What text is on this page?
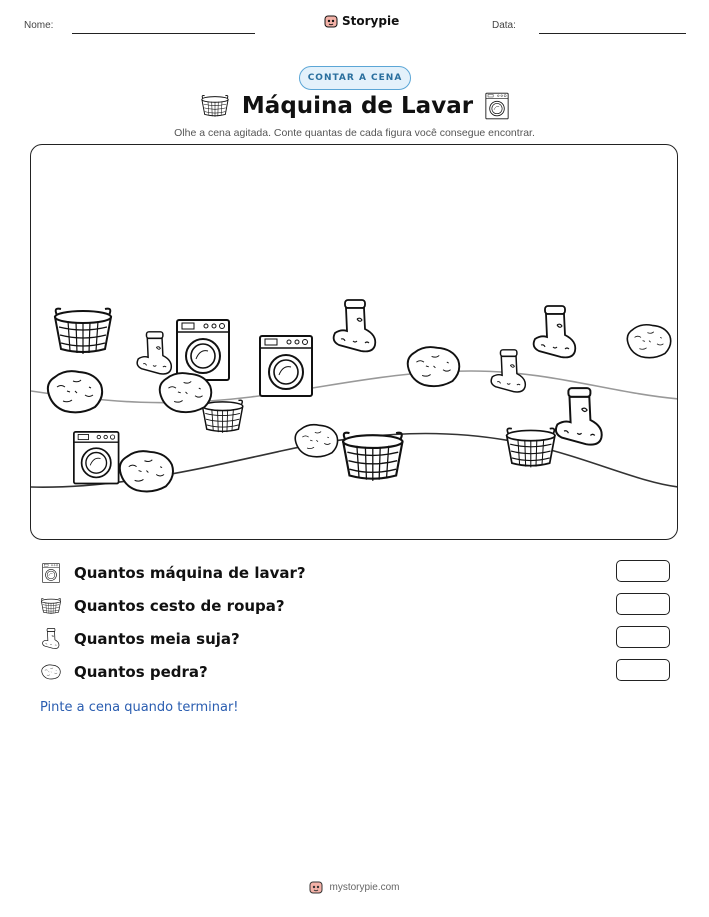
Nome:	Storypie	Data:
CONTAR A CENA
Máquina de Lavar
Olhe a cena agitada. Conte quantas de cada figura você consegue encontrar.
Quantos máquina de lavar?
Quantos cesto de roupa?
Quantos meia suja?
Quantos pedra?
Pinte a cena quando terminar!
mystorypie.com
